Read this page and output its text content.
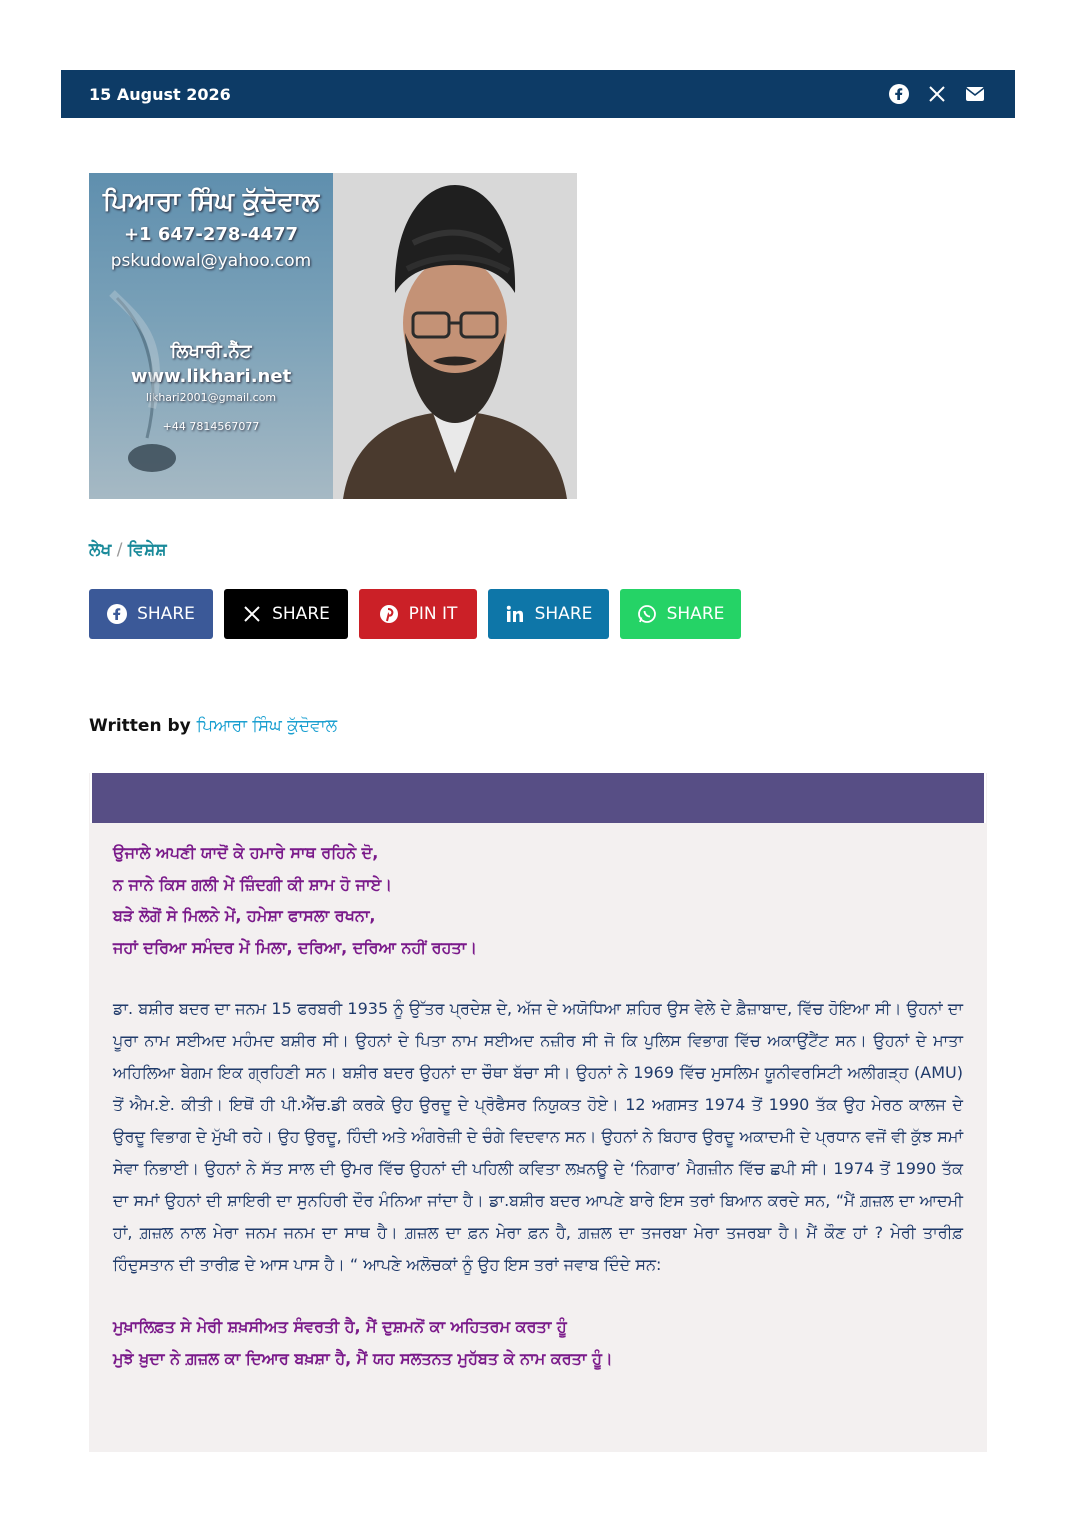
15 August 2026
ਪਿਆਰਾ ਸਿੰਘ ਕੁੱਦੋਵਾਲ
+1 647-278-4477
pskudowal@yahoo.com
ਲਿਖਾਰੀ.ਨੈੱਟ
www.likhari.net
likhari2001@gmail.com
+44 7814567077
ਲੇਖ / ਵਿਸ਼ੇਸ਼
SHARE	SHARE	PIN IT	SHARE	SHARE
Written by ਪਿਆਰਾ ਸਿੰਘ ਕੁੱਦੋਵਾਲ
ਉਜਾਲੇ ਅਪਣੀ ਯਾਦੋਂ ਕੇ ਹਮਾਰੇ ਸਾਥ ਰਹਿਨੇ ਦੋ,
ਨ ਜਾਨੇ ਕਿਸ ਗਲੀ ਮੇਂ ਜ਼ਿੰਦਗੀ ਕੀ ਸ਼ਾਮ ਹੋ ਜਾਏ।
ਬੜੇ ਲੋਗੋਂ ਸੇ ਮਿਲਨੇ ਮੇਂ, ਹਮੇਸ਼ਾ ਫਾਸਲਾ ਰਖਨਾ,
ਜਹਾਂ ਦਰਿਆ ਸਮੰਦਰ ਮੇਂ ਮਿਲਾ, ਦਰਿਆ, ਦਰਿਆ ਨਹੀਂ ਰਹਤਾ।
ਡਾ. ਬਸ਼ੀਰ ਬਦਰ ਦਾ ਜਨਮ 15 ਫਰਬਰੀ 1935 ਨੂੰ ਉੱਤਰ ਪ੍ਰਦੇਸ਼ ਦੇ, ਅੱਜ ਦੇ ਅਯੋਧਿਆ ਸ਼ਹਿਰ ਉਸ ਵੇਲੇ ਦੇ ਫ਼ੈਜ਼ਾਬਾਦ, ਵਿੱਚ ਹੋਇਆ ਸੀ। ਉਹਨਾਂ ਦਾ ਪੂਰਾ ਨਾਮ ਸਈਅਦ ਮਹੰਮਦ ਬਸ਼ੀਰ ਸੀ। ਉਹਨਾਂ ਦੇ ਪਿਤਾ ਨਾਮ ਸਈਅਦ ਨਜ਼ੀਰ ਸੀ ਜੋ ਕਿ ਪੁਲਿਸ ਵਿਭਾਗ ਵਿੱਚ ਅਕਾਉਂਟੈਂਟ ਸਨ। ਉਹਨਾਂ ਦੇ ਮਾਤਾ ਅਹਿਲਿਆ ਬੇਗਮ ਇਕ ਗ੍ਰਹਿਣੀ ਸਨ। ਬਸ਼ੀਰ ਬਦਰ ਉਹਨਾਂ ਦਾ ਚੌਥਾ ਬੱਚਾ ਸੀ। ਉਹਨਾਂ ਨੇ 1969 ਵਿੱਚ ਮੁਸਲਿਮ ਯੂਨੀਵਰਸਿਟੀ ਅਲੀਗੜ੍ਹ (AMU) ਤੋਂ ਐਮ.ਏ. ਕੀਤੀ। ਇਥੋਂ ਹੀ ਪੀ.ਐੱਚ.ਡੀ ਕਰਕੇ ਉਹ ਉਰਦੂ ਦੇ ਪ੍ਰੋਫੈਸਰ ਨਿਯੁਕਤ ਹੋਏ। 12 ਅਗਸਤ 1974 ਤੋਂ 1990 ਤੱਕ ਉਹ ਮੇਰਠ ਕਾਲਜ ਦੇ ਉਰਦੂ ਵਿਭਾਗ ਦੇ ਮੁੱਖੀ ਰਹੇ। ਉਹ ਉਰਦੂ, ਹਿੰਦੀ ਅਤੇ ਅੰਗਰੇਜ਼ੀ ਦੇ ਚੰਗੇ ਵਿਦਵਾਨ ਸਨ। ਉਹਨਾਂ ਨੇ ਬਿਹਾਰ ਉਰਦੂ ਅਕਾਦਮੀ ਦੇ ਪ੍ਰਧਾਨ ਵਜੋਂ ਵੀ ਕੁੱਝ ਸਮਾਂ ਸੇਵਾ ਨਿਭਾਈ। ਉਹਨਾਂ ਨੇ ਸੱਤ ਸਾਲ ਦੀ ਉਮਰ ਵਿੱਚ ਉਹਨਾਂ ਦੀ ਪਹਿਲੀ ਕਵਿਤਾ ਲਖ਼ਨਊ ਦੇ ‘ਨਿਗਾਰ’ ਮੈਗਜ਼ੀਨ ਵਿੱਚ ਛਪੀ ਸੀ। 1974 ਤੋਂ 1990 ਤੱਕ ਦਾ ਸਮਾਂ ਉਹਨਾਂ ਦੀ ਸ਼ਾਇਰੀ ਦਾ ਸੁਨਹਿਰੀ ਦੌਰ ਮੰਨਿਆ ਜਾਂਦਾ ਹੈ। ਡਾ.ਬਸ਼ੀਰ ਬਦਰ ਆਪਣੇ ਬਾਰੇ ਇਸ ਤਰਾਂ ਬਿਆਨ ਕਰਦੇ ਸਨ, “ਮੈਂ ਗ਼ਜ਼ਲ ਦਾ ਆਦਮੀ ਹਾਂ, ਗ਼ਜ਼ਲ ਨਾਲ ਮੇਰਾ ਜਨਮ ਜਨਮ ਦਾ ਸਾਥ ਹੈ। ਗ਼ਜ਼ਲ ਦਾ ਫ਼ਨ ਮੇਰਾ ਫ਼ਨ ਹੈ, ਗ਼ਜ਼ਲ ਦਾ ਤਜਰਬਾ ਮੇਰਾ ਤਜਰਬਾ ਹੈ। ਮੈਂ ਕੌਣ ਹਾਂ ? ਮੇਰੀ ਤਾਰੀਫ਼ ਹਿੰਦੁਸਤਾਨ ਦੀ ਤਾਰੀਫ਼ ਦੇ ਆਸ ਪਾਸ ਹੈ। “ ਆਪਣੇ ਅਲੋਚਕਾਂ ਨੂੰ ਉਹ ਇਸ ਤਰਾਂ ਜਵਾਬ ਦਿੰਦੇ ਸਨ:
ਮੁਖ਼ਾਲਿਫ਼ਤ ਸੇ ਮੇਰੀ ਸ਼ਖ਼ਸੀਅਤ ਸੰਵਰਤੀ ਹੈ, ਮੈਂ ਦੁਸ਼ਮਨੋਂ ਕਾ ਅਹਿਤਰਮ ਕਰਤਾ ਹੂੰ
ਮੁਝੇ ਖ਼ੁਦਾ ਨੇ ਗ਼ਜ਼ਲ ਕਾ ਦਿਆਰ ਬਖ਼ਸ਼ਾ ਹੈ, ਮੈਂ ਯਹ ਸਲਤਨਤ ਮੁਹੱਬਤ ਕੇ ਨਾਮ ਕਰਤਾ ਹੂੰ।
